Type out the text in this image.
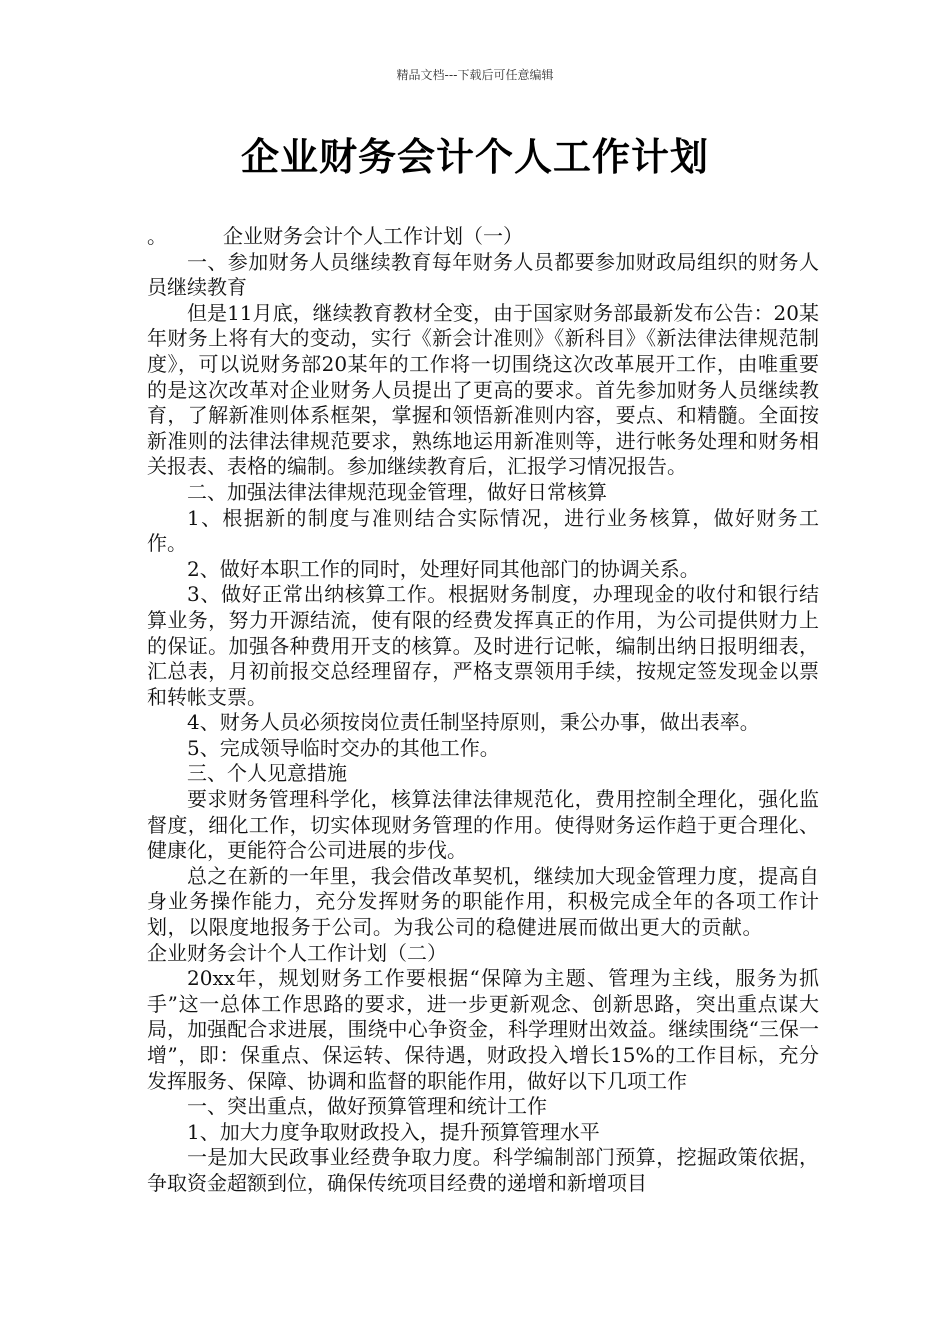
精品文档---下载后可任意编辑
企业财务会计个人工作计划

。	企业财务会计个人工作计划（一）

一、参加财务人员继续教育每年财务人员都要参加财政局组织的财务人员继续教育

但是11月底，继续教育教材全变，由于国家财务部最新发布公告：20某年财务上将有大的变动，实行《新会计准则》《新科目》《新法律法律规范制度》，可以说财务部20某年的工作将一切围绕这次改革展开工作，由唯重要的是这次改革对企业财务人员提出了更高的要求。首先参加财务人员继续教育，了解新准则体系框架，掌握和领悟新准则内容，要点、和精髓。全面按新准则的法律法律规范要求，熟练地运用新准则等，进行帐务处理和财务相关报表、表格的编制。参加继续教育后，汇报学习情况报告。

二、加强法律法律规范现金管理，做好日常核算

1、根据新的制度与准则结合实际情况，进行业务核算，做好财务工作。

2、做好本职工作的同时，处理好同其他部门的协调关系。

3、做好正常出纳核算工作。根据财务制度，办理现金的收付和银行结算业务，努力开源结流，使有限的经费发挥真正的作用，为公司提供财力上的保证。加强各种费用开支的核算。及时进行记帐，编制出纳日报明细表，汇总表，月初前报交总经理留存，严格支票领用手续，按规定签发现金以票和转帐支票。

4、财务人员必须按岗位责任制坚持原则，秉公办事，做出表率。

5、完成领导临时交办的其他工作。

三、个人见意措施

要求财务管理科学化，核算法律法律规范化，费用控制全理化，强化监督度，细化工作，切实体现财务管理的作用。使得财务运作趋于更合理化、健康化，更能符合公司进展的步伐。

总之在新的一年里，我会借改革契机，继续加大现金管理力度，提高自身业务操作能力，充分发挥财务的职能作用，积极完成全年的各项工作计划，以限度地报务于公司。为我公司的稳健进展而做出更大的贡献。企业财务会计个人工作计划（二）

20xx年，规划财务工作要根据“保障为主题、管理为主线，服务为抓手”这一总体工作思路的要求，进一步更新观念、创新思路，突出重点谋大局，加强配合求进展，围绕中心争资金，科学理财出效益。继续围绕“三保一增”，即：保重点、保运转、保待遇，财政投入增长15%的工作目标，充分发挥服务、保障、协调和监督的职能作用，做好以下几项工作

一、突出重点，做好预算管理和统计工作

1、加大力度争取财政投入，提升预算管理水平

一是加大民政事业经费争取力度。科学编制部门预算，挖掘政策依据，争取资金超额到位，确保传统项目经费的递增和新增项目
